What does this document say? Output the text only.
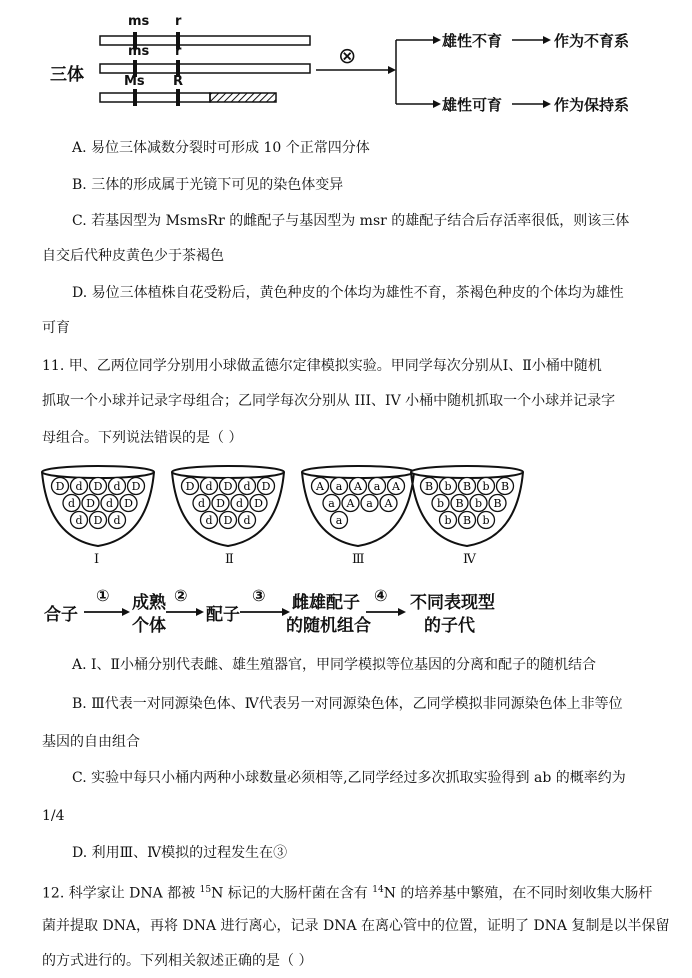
三体
ms r
ms r
Ms R
⊗
雄性不育	作为不育系
雄性可育	作为保持系
A. 易位三体减数分裂时可形成 10 个正常四分体
B. 三体的形成属于光镜下可见的染色体变异
C. 若基因型为 MsmsRr 的雌配子与基因型为 msr 的雄配子结合后存活率很低，则该三体
自交后代种皮黄色少于茶褐色
D. 易位三体植株自花受粉后，黄色种皮的个体均为雄性不育，茶褐色种皮的个体均为雄性
可育
11. 甲、乙两位同学分别用小球做孟德尔定律模拟实验。甲同学每次分别从Ⅰ、Ⅱ小桶中随机
抓取一个小球并记录字母组合；乙同学每次分别从 III、IV 小桶中随机抓取一个小球并记录字
母组合。下列说法错误的是（ ）
D d D d D
d D d D
d D d
D d D d D
d D d D
d D d
A a A a A
a A a A
a
B b B b B
b B b B
b B b
Ⅰ	Ⅱ	Ⅲ	Ⅳ
合子
① 成熟
个体
②
配子
③ 雌雄配子
的随机组合
④ 不同表现型
的子代
A. Ⅰ、Ⅱ小桶分别代表雌、雄生殖器官，甲同学模拟等位基因的分离和配子的随机结合
B. Ⅲ代表一对同源染色体、Ⅳ代表另一对同源染色体，乙同学模拟非同源染色体上非等位
基因的自由组合
C. 实验中每只小桶内两种小球数量必须相等,乙同学经过多次抓取实验得到 ab 的概率约为
1/4
D. 利用Ⅲ、Ⅳ模拟的过程发生在③
12. 科学家让 DNA 都被 $^{15}$N 标记的大肠杆菌在含有 $^{14}$N 的培养基中繁殖，在不同时刻收集大肠杆
菌并提取 DNA，再将 DNA 进行离心，记录 DNA 在离心管中的位置，证明了 DNA 复制是以半保留
的方式进行的。下列相关叙述正确的是（ ）
